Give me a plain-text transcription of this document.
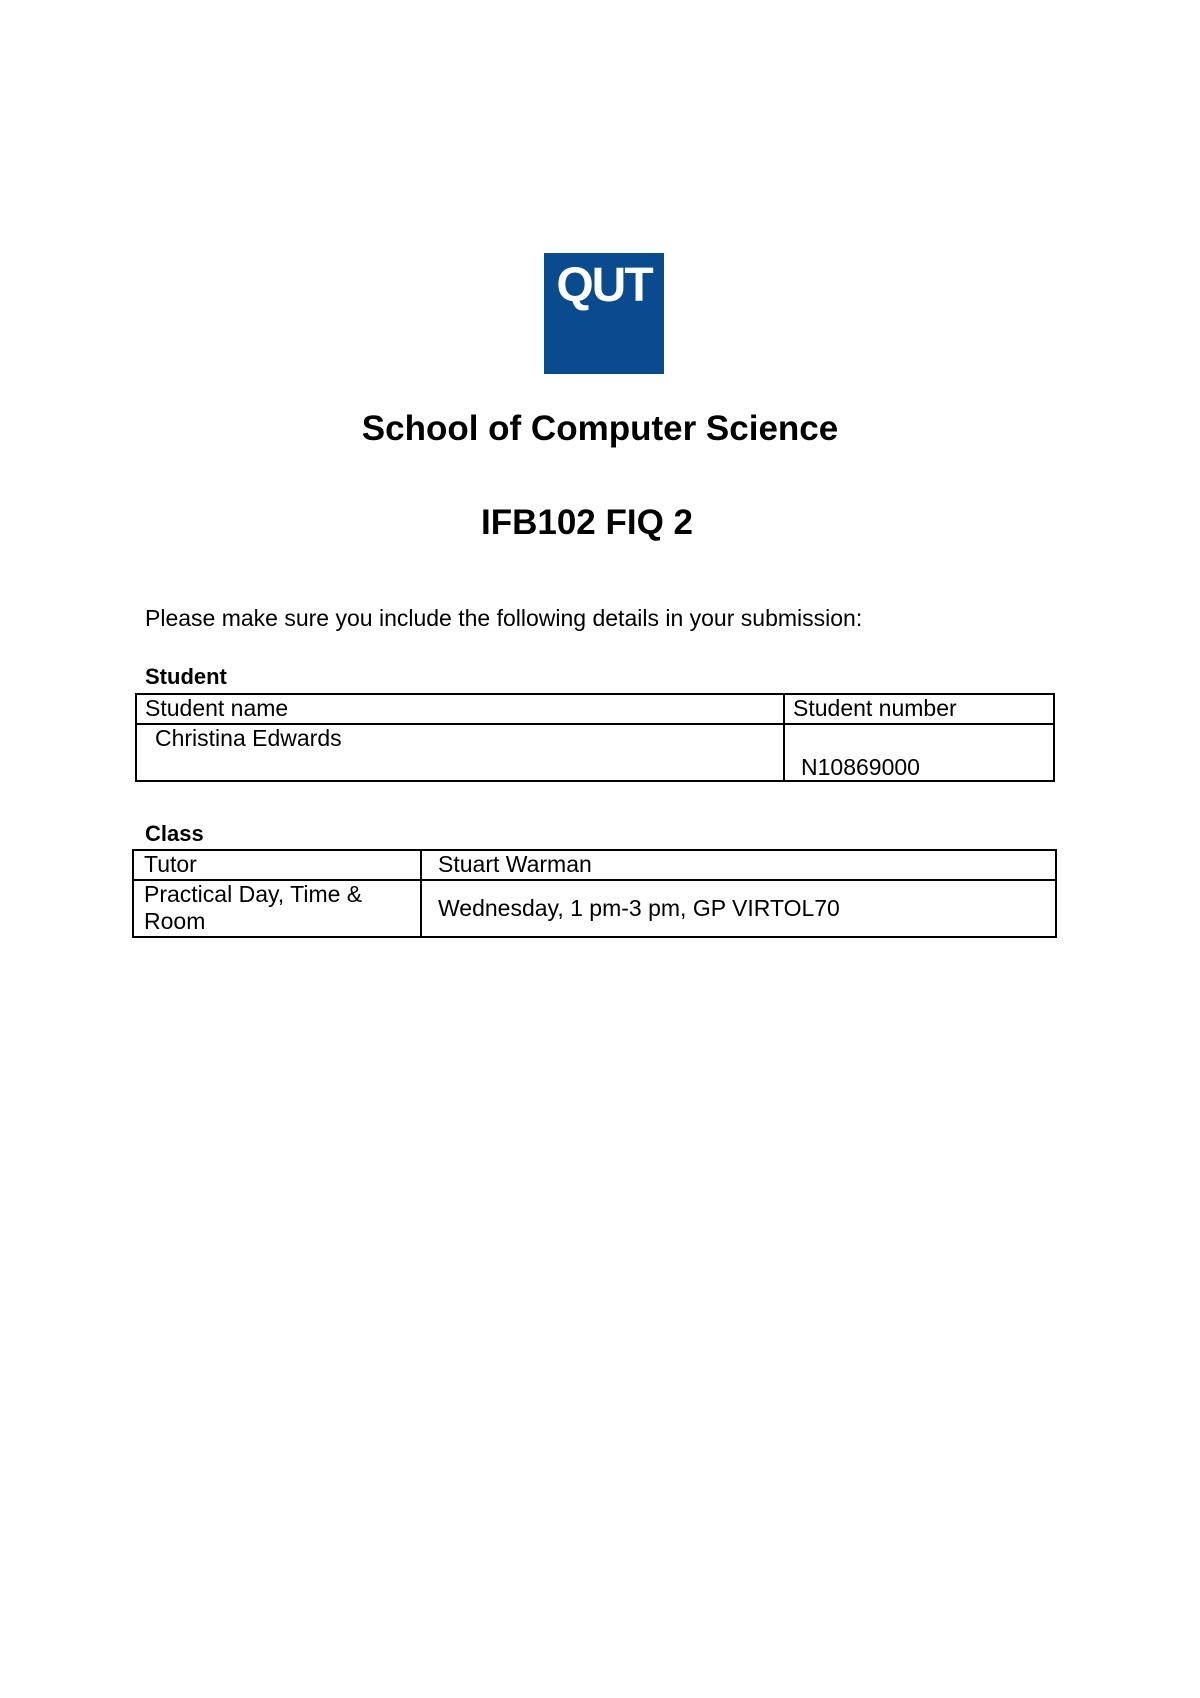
QUT
School of Computer Science
IFB102 FIQ 2

Please make sure you include the following details in your submission:

Student

Student name	Student number
Christina Edwards	N10869000

Class

Tutor	Stuart Warman
Practical Day, Time & Room	Wednesday, 1 pm-3 pm, GP VIRTOL70
